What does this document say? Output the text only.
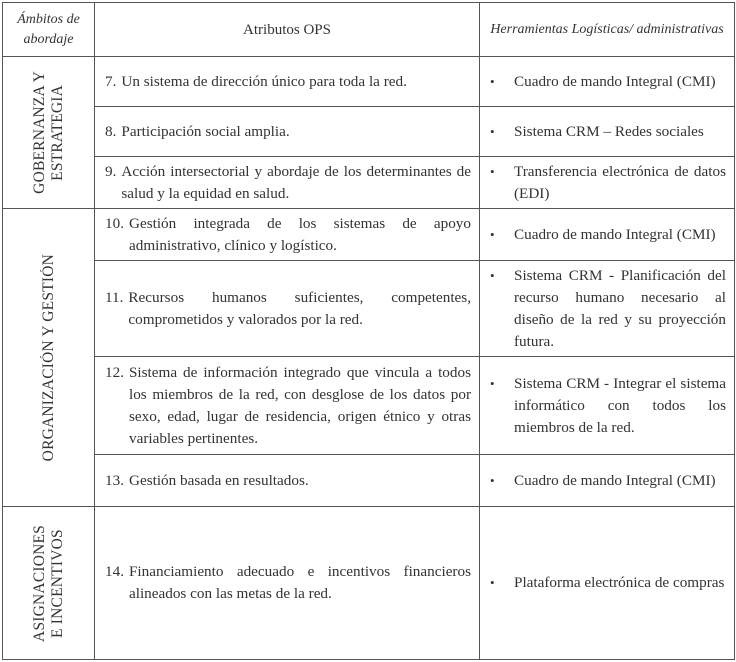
Ámbitos de abordaje	Atributos OPS	Herramientas Logísticas/ administrativas

GOBERNANZA Y
ESTRATEGIA	7. Un sistema de dirección único para toda la red.	• Cuadro de mando Integral (CMI)

	8. Participación social amplia.	• Sistema CRM – Redes sociales

	9. Acción intersectorial y abordaje de los determinantes de salud y la equidad en salud.	• Transferencia electrónica de datos (EDI)

ORGANIZACIÓN Y GESTIÓN	10. Gestión integrada de los sistemas de apoyo administrativo, clínico y logístico.	• Cuadro de mando Integral (CMI)

	11. Recursos humanos suficientes, competentes, comprometidos y valorados por la red.	• Sistema CRM - Planificación del recurso humano necesario al diseño de la red y su proyección futura.

	12. Sistema de información integrado que vincula a todos los miembros de la red, con desglose de los datos por sexo, edad, lugar de residencia, origen étnico y otras variables pertinentes.	• Sistema CRM - Integrar el sistema informático con todos los miembros de la red.

	13. Gestión basada en resultados.	• Cuadro de mando Integral (CMI)

ASIGNACIONES
E INCENTIVOS	14. Financiamiento adecuado e incentivos financieros alineados con las metas de la red.	• Plataforma electrónica de compras
